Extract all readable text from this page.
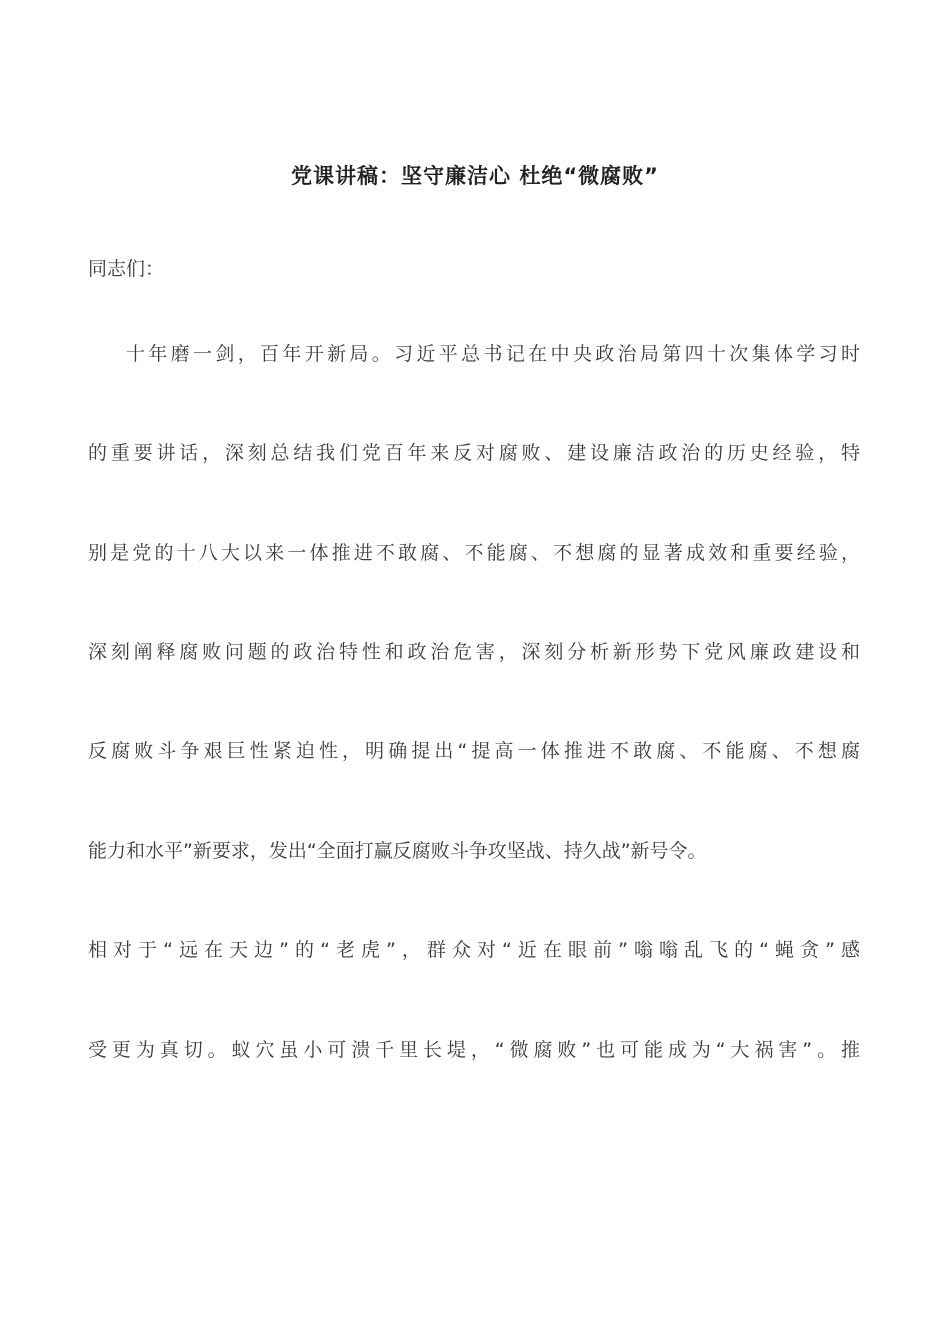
党课讲稿：坚守廉洁心 杜绝“微腐败”

同志们：

十年磨一剑，百年开新局。习近平总书记在中央政治局第四十次集体学习时

的重要讲话，深刻总结我们党百年来反对腐败、建设廉洁政治的历史经验，特

别是党的十八大以来一体推进不敢腐、不能腐、不想腐的显著成效和重要经验，

深刻阐释腐败问题的政治特性和政治危害，深刻分析新形势下党风廉政建设和

反腐败斗争艰巨性紧迫性，明确提出“提高一体推进不敢腐、不能腐、不想腐

能力和水平”新要求，发出“全面打赢反腐败斗争攻坚战、持久战”新号令。

相对于“远在天边”的“老虎”，群众对“近在眼前”嗡嗡乱飞的“蝇贪”感

受更为真切。蚁穴虽小可溃千里长堤，“微腐败”也可能成为“大祸害”。推
